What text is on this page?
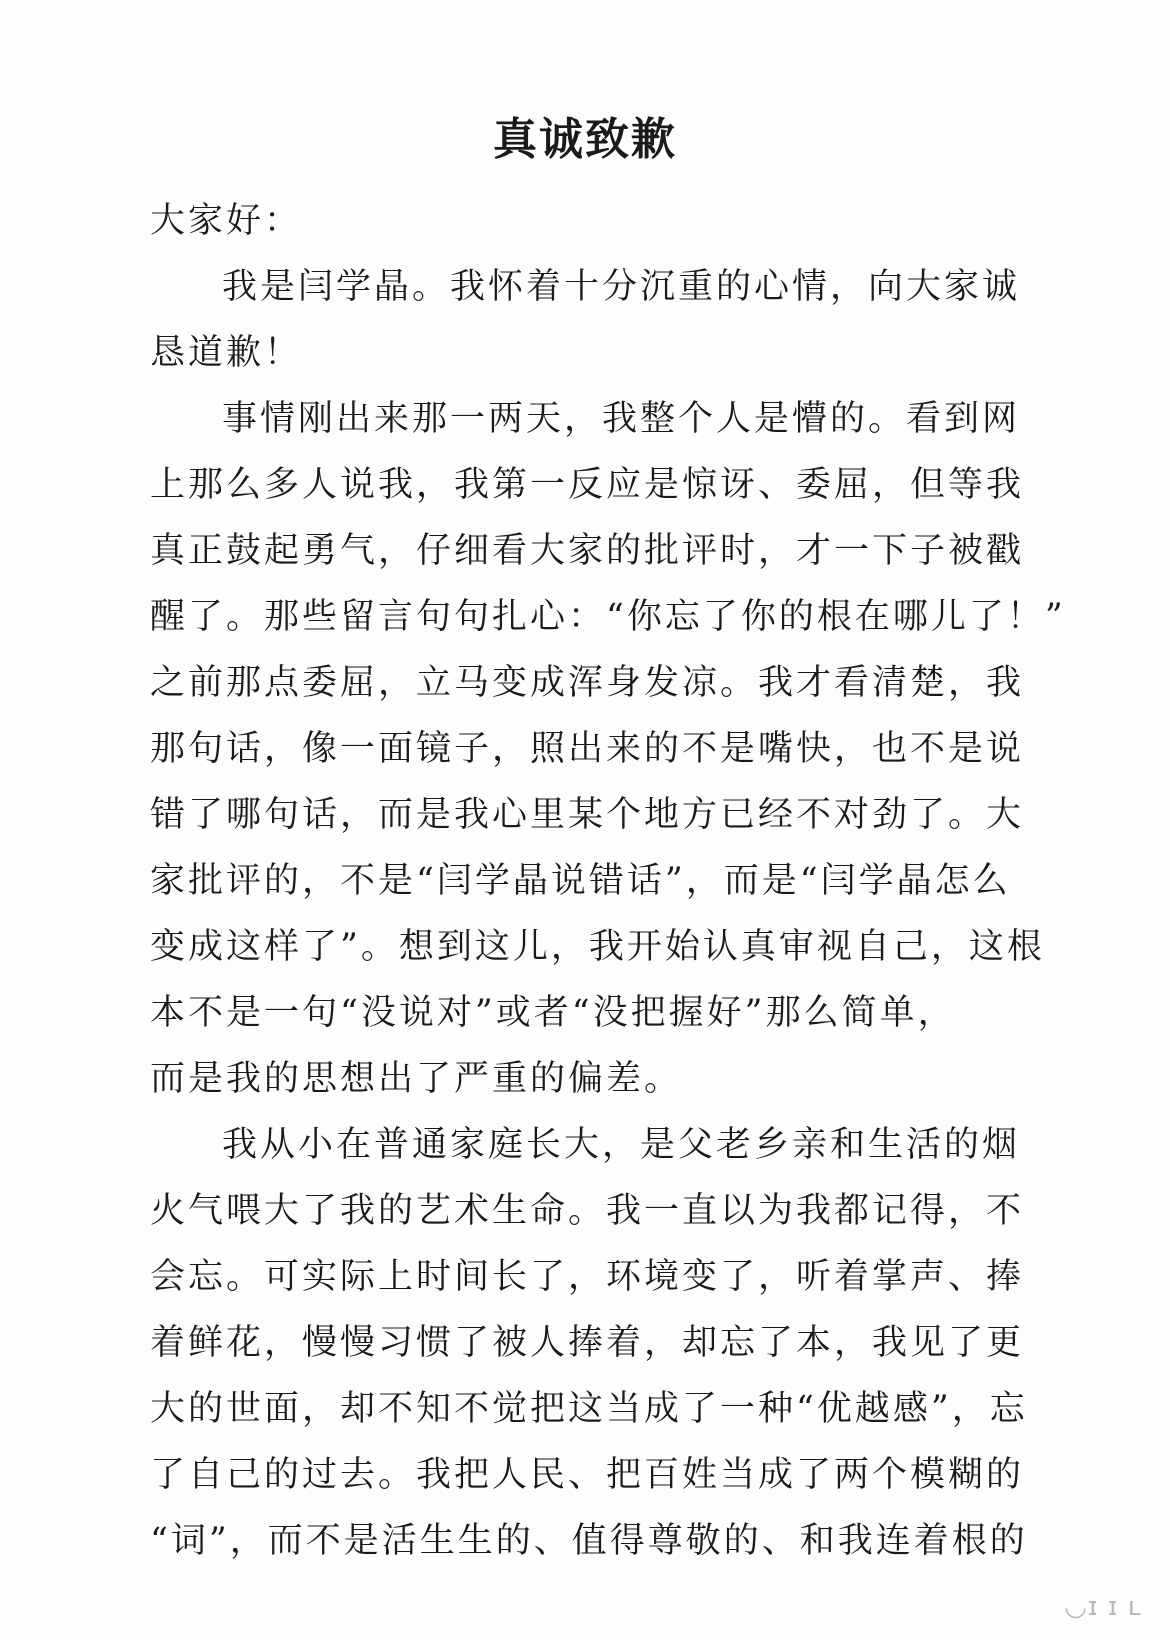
真诚致歉
大家好：
我是闫学晶。我怀着十分沉重的心情，向大家诚
恳道歉！
事情刚出来那一两天，我整个人是懵的。看到网
上那么多人说我，我第一反应是惊讶、委屈，但等我
真正鼓起勇气，仔细看大家的批评时，才一下子被戳
醒了。那些留言句句扎心：“你忘了你的根在哪儿了！”
之前那点委屈，立马变成浑身发凉。我才看清楚，我
那句话，像一面镜子，照出来的不是嘴快，也不是说
错了哪句话，而是我心里某个地方已经不对劲了。大
家批评的，不是“闫学晶说错话”，而是“闫学晶怎么
变成这样了”。想到这儿，我开始认真审视自己，这根
本不是一句“没说对”或者“没把握好”那么简单，
而是我的思想出了严重的偏差。
我从小在普通家庭长大，是父老乡亲和生活的烟
火气喂大了我的艺术生命。我一直以为我都记得，不
会忘。可实际上时间长了，环境变了，听着掌声、捧
着鲜花，慢慢习惯了被人捧着，却忘了本，我见了更
大的世面，却不知不觉把这当成了一种“优越感”，忘
了自己的过去。我把人民、把百姓当成了两个模糊的
“词”，而不是活生生的、值得尊敬的、和我连着根的
◡ɪ ɪ ʟ
